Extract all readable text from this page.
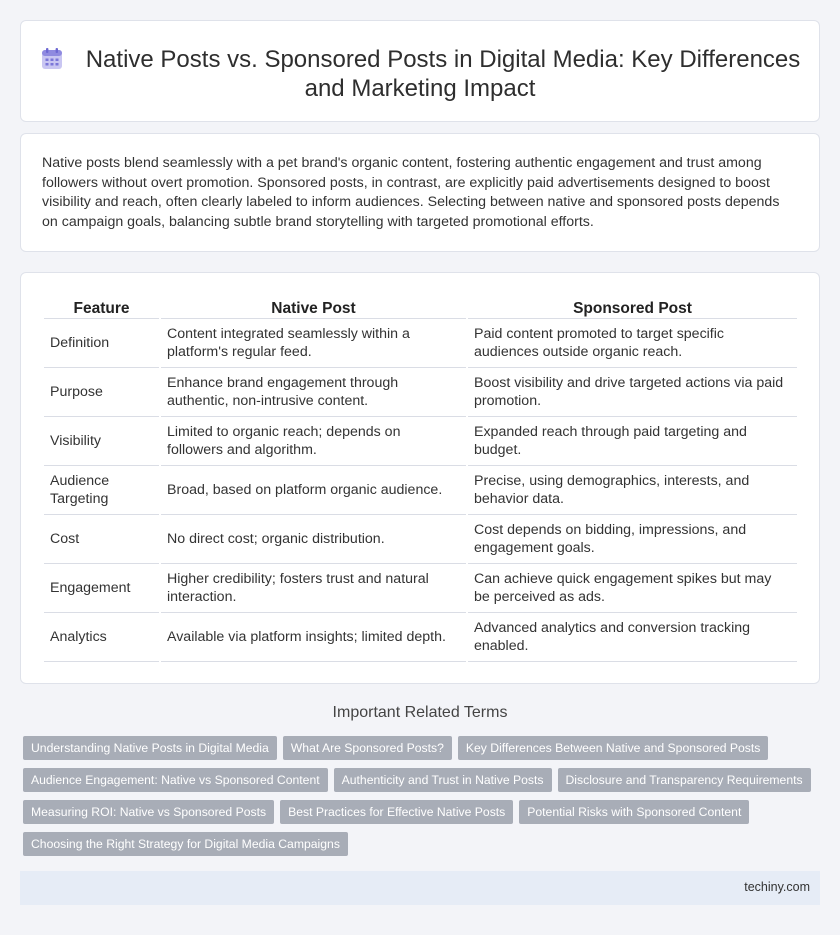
Native Posts vs. Sponsored Posts in Digital Media: Key Differences and Marketing Impact

Native posts blend seamlessly with a pet brand's organic content, fostering authentic engagement and trust among followers without overt promotion. Sponsored posts, in contrast, are explicitly paid advertisements designed to boost visibility and reach, often clearly labeled to inform audiences. Selecting between native and sponsored posts depends on campaign goals, balancing subtle brand storytelling with targeted promotional efforts.

Feature	Native Post	Sponsored Post
Definition	Content integrated seamlessly within a platform's regular feed.	Paid content promoted to target specific audiences outside organic reach.
Purpose	Enhance brand engagement through authentic, non-intrusive content.	Boost visibility and drive targeted actions via paid promotion.
Visibility	Limited to organic reach; depends on followers and algorithm.	Expanded reach through paid targeting and budget.
Audience Targeting	Broad, based on platform organic audience.	Precise, using demographics, interests, and behavior data.
Cost	No direct cost; organic distribution.	Cost depends on bidding, impressions, and engagement goals.
Engagement	Higher credibility; fosters trust and natural interaction.	Can achieve quick engagement spikes but may be perceived as ads.
Analytics	Available via platform insights; limited depth.	Advanced analytics and conversion tracking enabled.
Important Related Terms
Understanding Native Posts in Digital Media What Are Sponsored Posts? Key Differences Between Native and Sponsored Posts
Audience Engagement: Native vs Sponsored Content Authenticity and Trust in Native Posts Disclosure and Transparency Requirements
Measuring ROI: Native vs Sponsored Posts Best Practices for Effective Native Posts Potential Risks with Sponsored Content
Choosing the Right Strategy for Digital Media Campaigns
techiny.com
